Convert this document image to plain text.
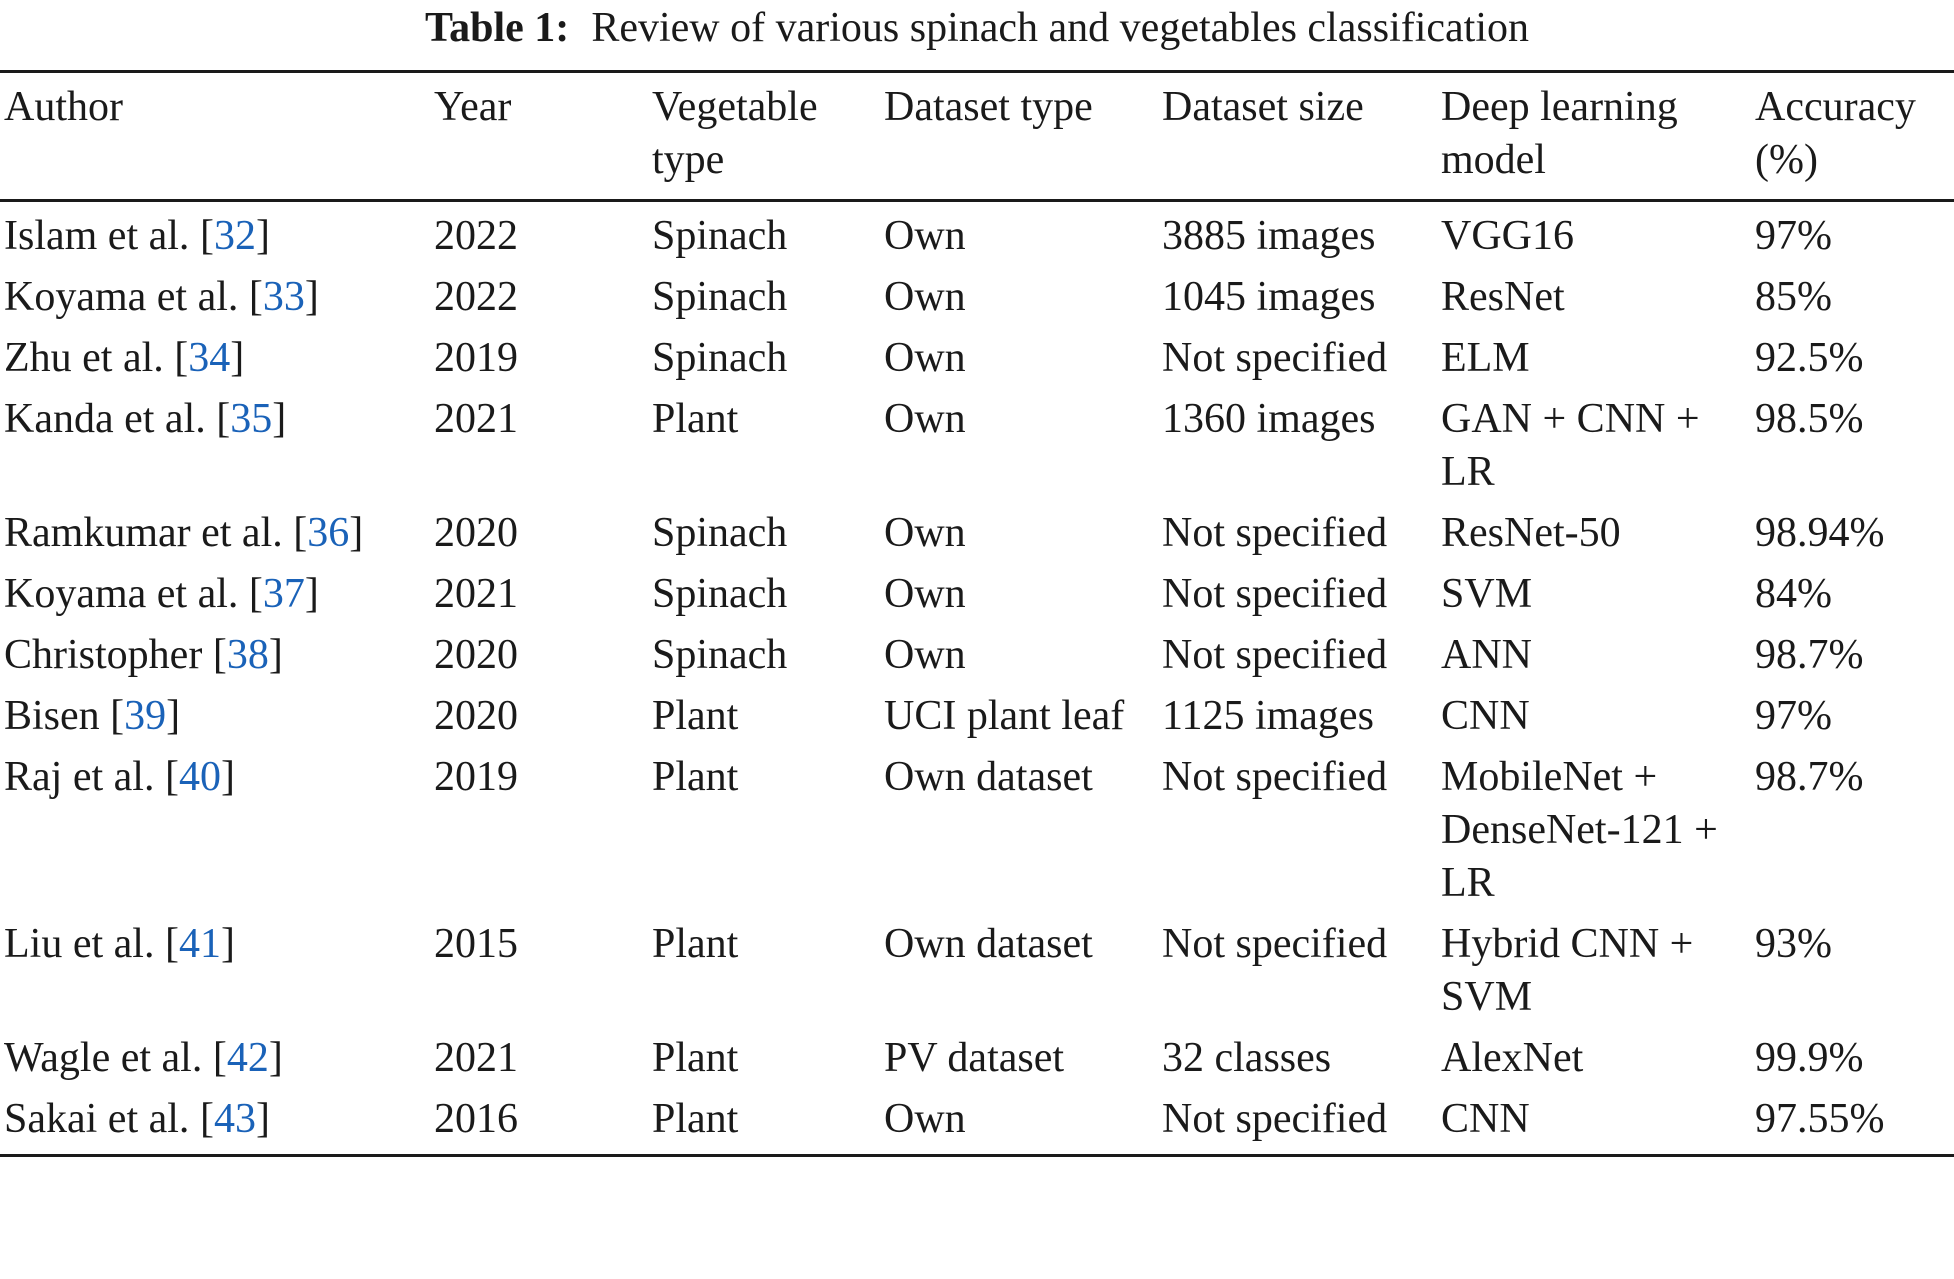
Table 1: Review of various spinach and vegetables classification
Author	Year	Vegetable type	Dataset type	Dataset size	Deep learning model	Accuracy (%)
Islam et al. [32]	2022	Spinach	Own	3885 images	VGG16	97%
Koyama et al. [33]	2022	Spinach	Own	1045 images	ResNet	85%
Zhu et al. [34]	2019	Spinach	Own	Not specified	ELM	92.5%
Kanda et al. [35]	2021	Plant	Own	1360 images	GAN + CNN + LR	98.5%
Ramkumar et al. [36]	2020	Spinach	Own	Not specified	ResNet-50	98.94%
Koyama et al. [37]	2021	Spinach	Own	Not specified	SVM	84%
Christopher [38]	2020	Spinach	Own	Not specified	ANN	98.7%
Bisen [39]	2020	Plant	UCI plant leaf	1125 images	CNN	97%
Raj et al. [40]	2019	Plant	Own dataset	Not specified	MobileNet + DenseNet-121 + LR	98.7%
Liu et al. [41]	2015	Plant	Own dataset	Not specified	Hybrid CNN + SVM	93%
Wagle et al. [42]	2021	Plant	PV dataset	32 classes	AlexNet	99.9%
Sakai et al. [43]	2016	Plant	Own	Not specified	CNN	97.55%
